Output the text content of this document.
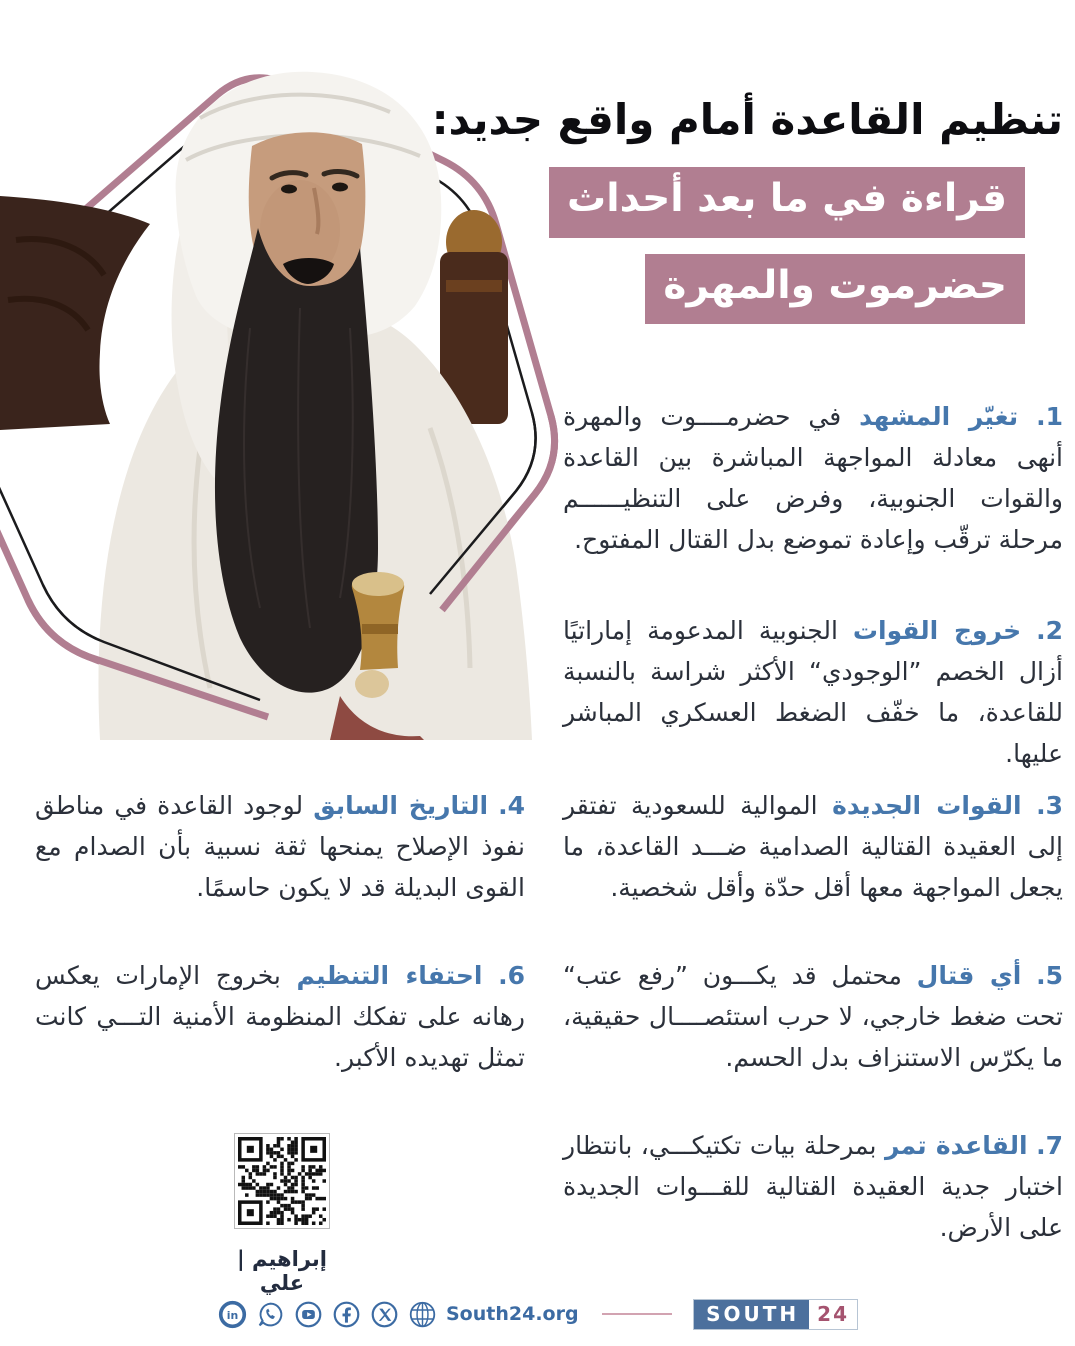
تنظيم القاعدة أمام واقع جديد:
قراءة في ما بعد أحداث
حضرموت والمهرة
1. تغيّر المشهد في حضرمــــوت والمهرة أنهى معادلة المواجهة المباشرة بين القاعدة والقوات الجنوبية، وفرض على التنظيــــــم مرحلة ترقّب وإعادة تموضع بدل القتال المفتوح.
2. خروج القوات الجنوبية المدعومة إماراتيًا أزال الخصم ”الوجودي“ الأكثر شراسة بالنسبة للقاعدة، ما خفّف الضغط العسكري المباشر عليها.
3. القوات الجديدة الموالية للسعودية تفتقر إلى العقيدة القتالية الصدامية ضـــد القاعدة، ما يجعل المواجهة معها أقل حدّة وأقل شخصية.
4. التاريخ السابق لوجود القاعدة في مناطق نفوذ الإصلاح يمنحها ثقة نسبية بأن الصدام مع القوى البديلة قد لا يكون حاسمًا.
5. أي قتال محتمل قد يكـــون ”رفع عتب“ تحت ضغط خارجي، لا حرب استئصــــال حقيقية، ما يكرّس الاستنزاف بدل الحسم.
6. احتفاء التنظيم بخروج الإمارات يعكس رهانه على تفكك المنظومة الأمنية التـــي كانت تمثل تهديده الأكبر.
7. القاعدة تمر بمرحلة بيات تكتيكـــي، بانتظار اختبار جدية العقيدة القتالية للقـــوات الجديدة على الأرض.
| إبراهيم علي
in	South24.org	SOUTH 24
